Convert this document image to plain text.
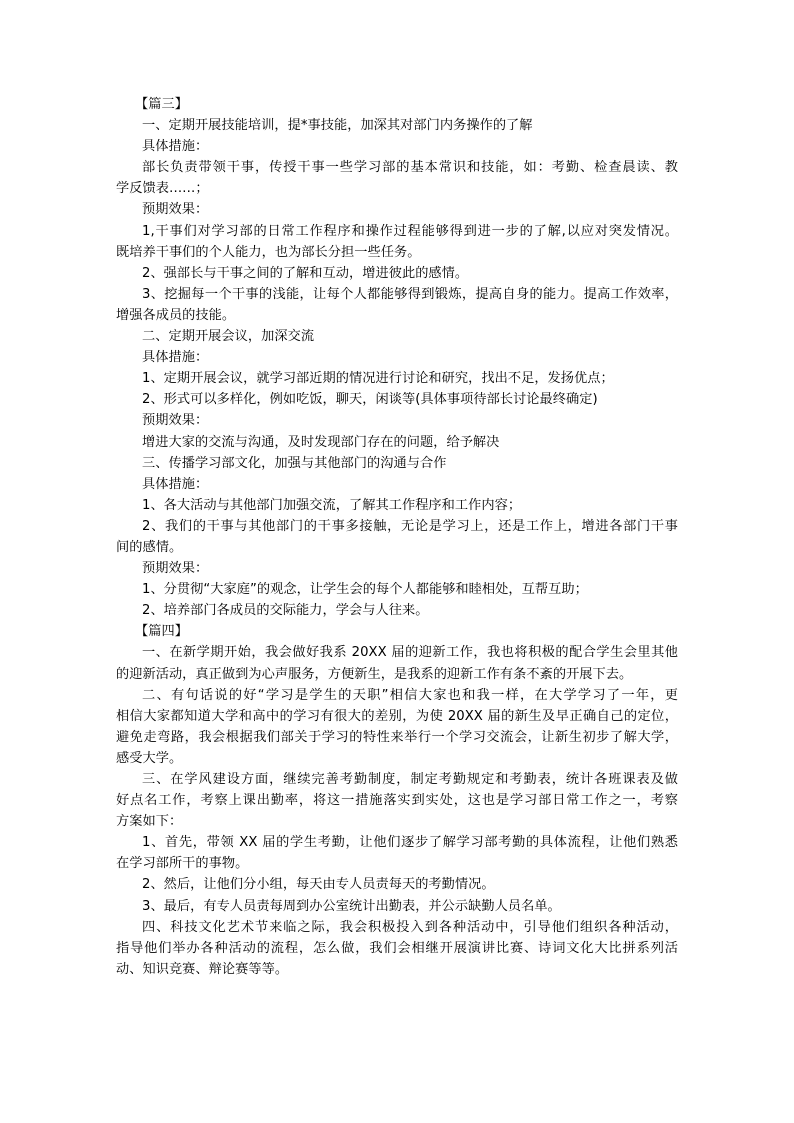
【篇三】
一、定期开展技能培训，提*事技能，加深其对部门内务操作的了解
具体措施：
部长负责带领干事，传授干事一些学习部的基本常识和技能，如：考勤、检查晨读、教
学反馈表……；
预期效果：
1,干事们对学习部的日常工作程序和操作过程能够得到进一步的了解,以应对突发情况。
既培养干事们的个人能力，也为部长分担一些任务。
2、强部长与干事之间的了解和互动，增进彼此的感情。
3、挖掘每一个干事的浅能，让每个人都能够得到锻炼，提高自身的能力。提高工作效率，
增强各成员的技能。
二、定期开展会议，加深交流
具体措施：
1、定期开展会议，就学习部近期的情况进行讨论和研究，找出不足，发扬优点；
2、形式可以多样化，例如吃饭，聊天，闲谈等(具体事项待部长讨论最终确定)
预期效果：
增进大家的交流与沟通，及时发现部门存在的问题，给予解决
三、传播学习部文化，加强与其他部门的沟通与合作
具体措施：
1、各大活动与其他部门加强交流，了解其工作程序和工作内容；
2、我们的干事与其他部门的干事多接触，无论是学习上，还是工作上，增进各部门干事
间的感情。
预期效果：
1、分贯彻“大家庭”的观念，让学生会的每个人都能够和睦相处，互帮互助；
2、培养部门各成员的交际能力，学会与人往来。
【篇四】
一、在新学期开始，我会做好我系 20XX 届的迎新工作，我也将积极的配合学生会里其他
的迎新活动，真正做到为心声服务，方便新生，是我系的迎新工作有条不紊的开展下去。
二、有句话说的好“学习是学生的天职”相信大家也和我一样，在大学学习了一年，更
相信大家都知道大学和高中的学习有很大的差别，为使 20XX 届的新生及早正确自己的定位，
避免走弯路，我会根据我们部关于学习的特性来举行一个学习交流会，让新生初步了解大学，
感受大学。
三、在学风建设方面，继续完善考勤制度，制定考勤规定和考勤表，统计各班课表及做
好点名工作，考察上课出勤率，将这一措施落实到实处，这也是学习部日常工作之一，考察
方案如下：
1、首先，带领 XX 届的学生考勤，让他们逐步了解学习部考勤的具体流程，让他们熟悉
在学习部所干的事物。
2、然后，让他们分小组，每天由专人员责每天的考勤情况。
3、最后，有专人员责每周到办公室统计出勤表，并公示缺勤人员名单。
四、科技文化艺术节来临之际，我会积极投入到各种活动中，引导他们组织各种活动，
指导他们举办各种活动的流程，怎么做，我们会相继开展演讲比赛、诗词文化大比拼系列活
动、知识竞赛、辩论赛等等。
